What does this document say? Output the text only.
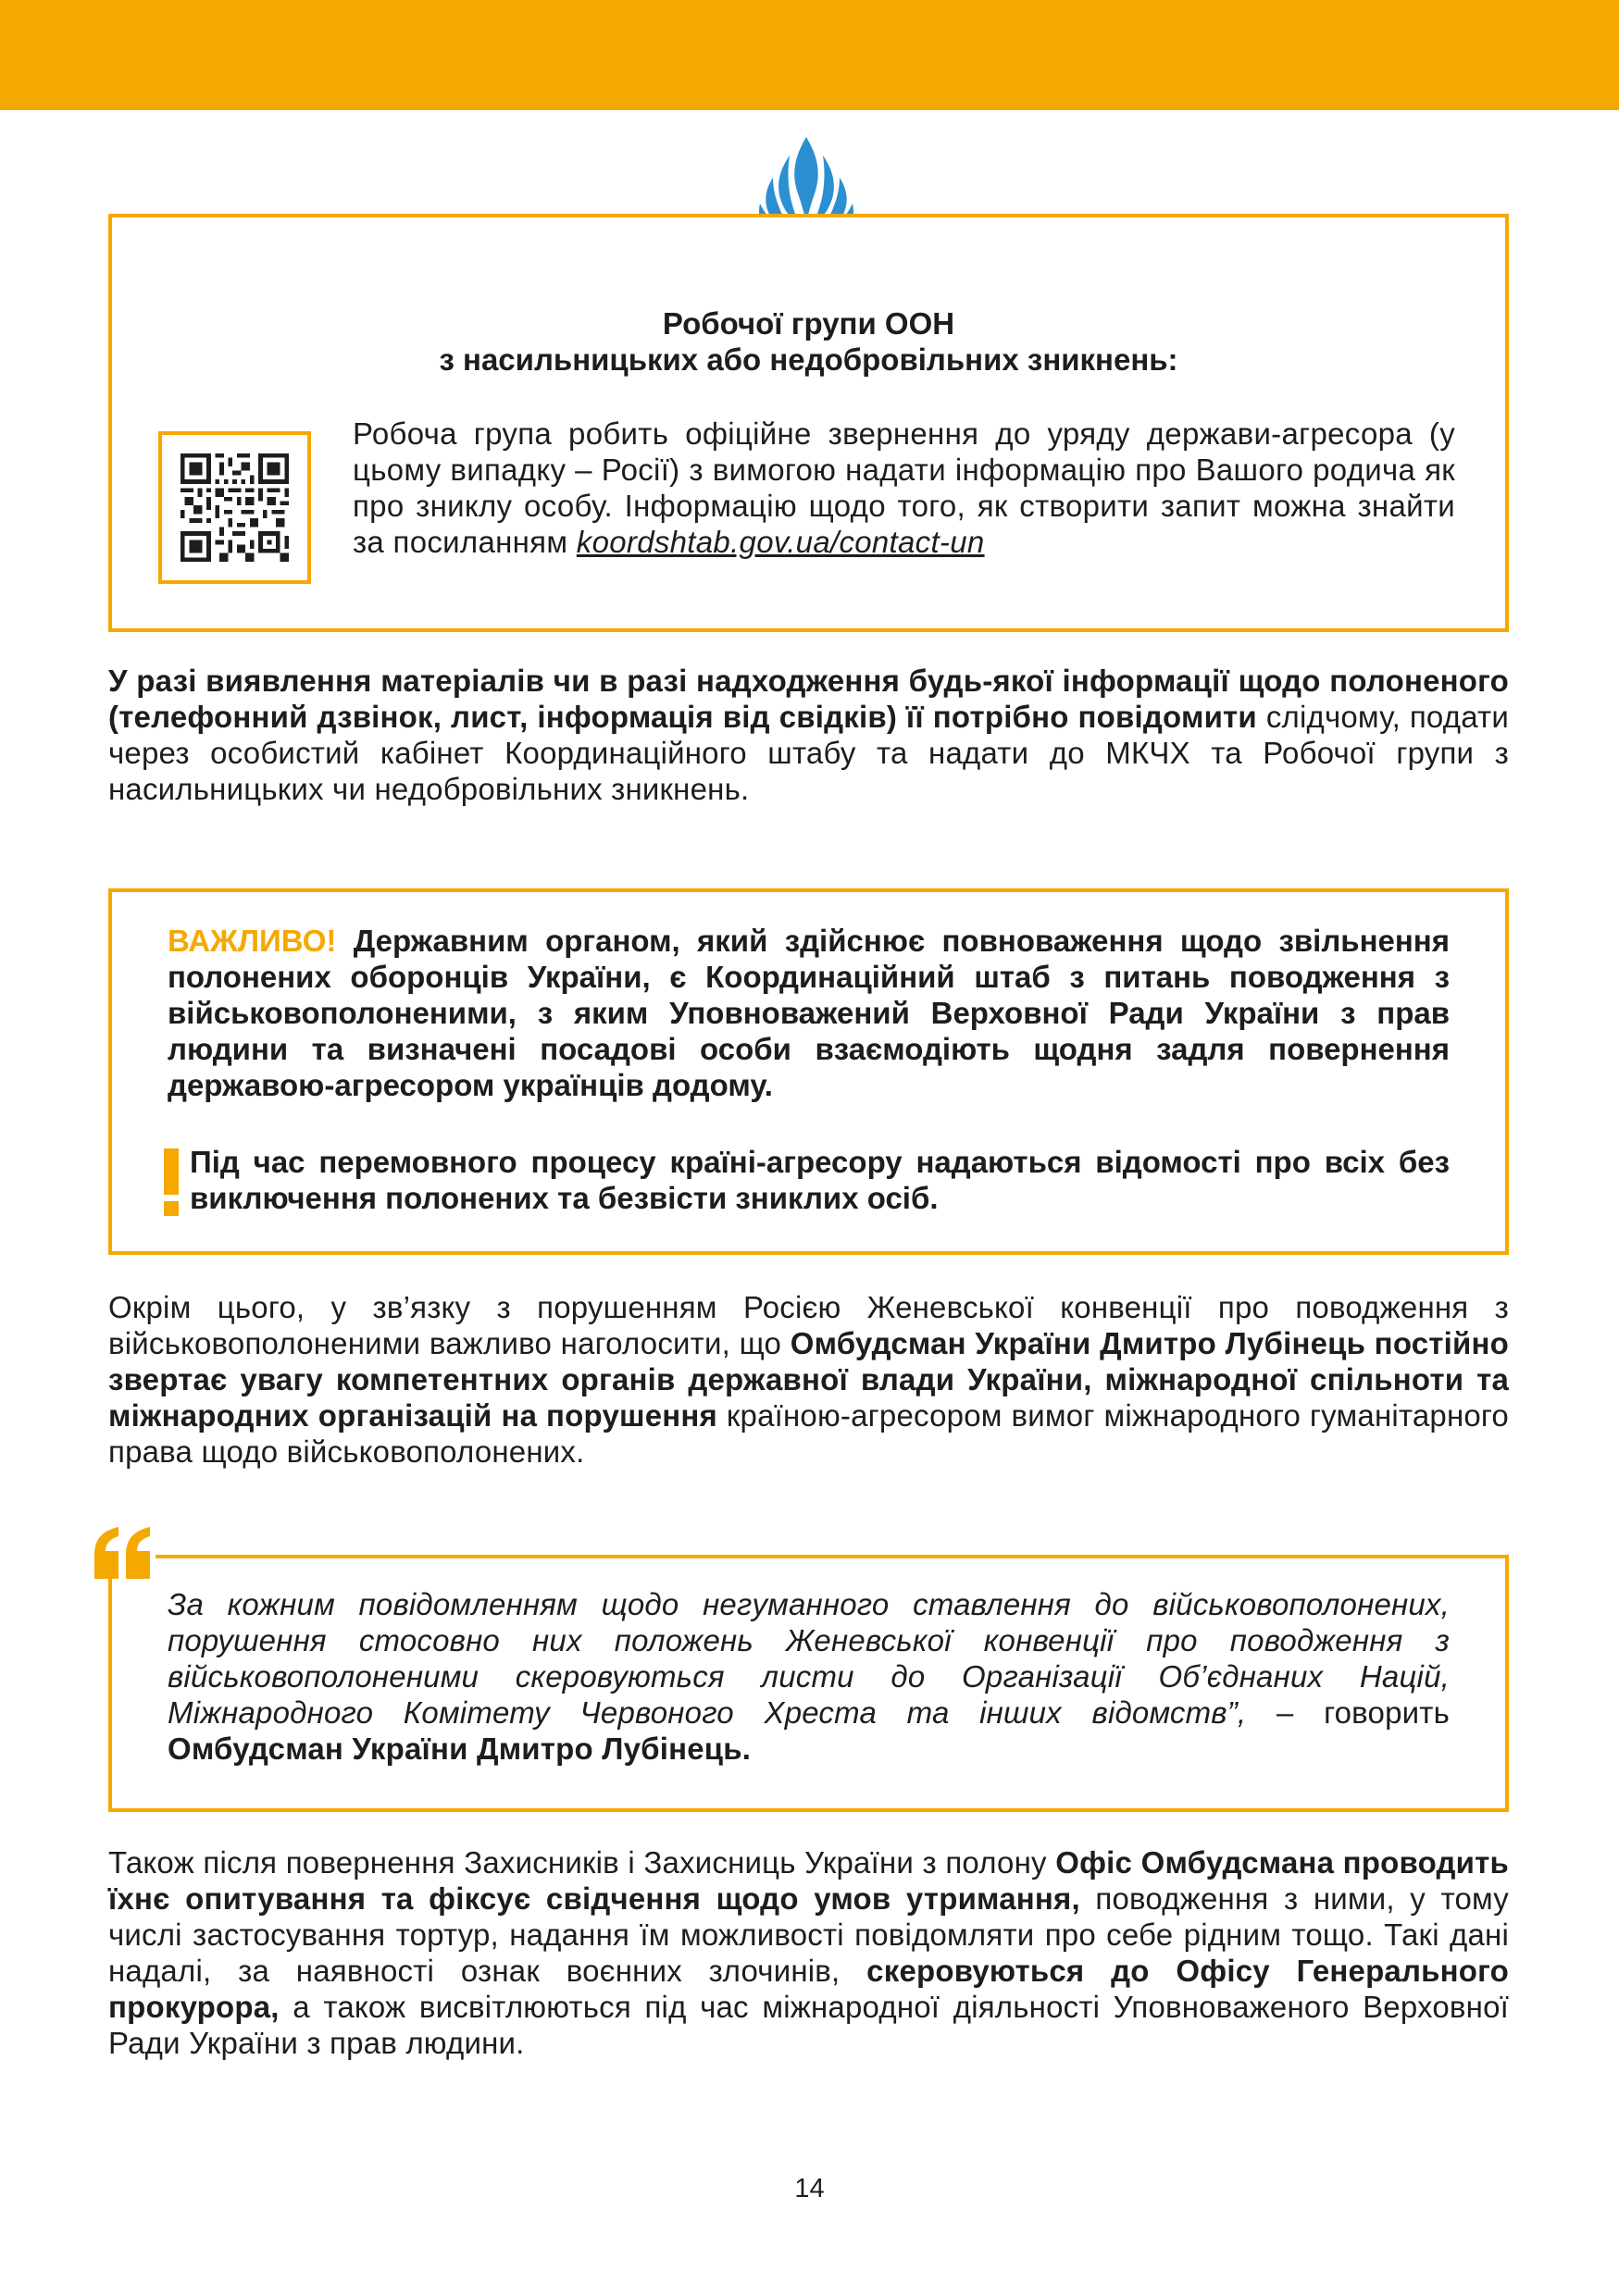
Робочої групи ООН
з насильницьких або недобровільних зникнень:
Робоча група робить офіційне звернення до уряду держави-агресора (у цьому випадку – Росії) з вимогою надати інформацію про Вашого родича як про зниклу особу. Інформацію щодо того, як створити запит можна знайти за посиланням koordshtab.gov.ua/contact-un
У разі виявлення матеріалів чи в разі надходження будь-якої інформації щодо полоненого (телефонний дзвінок, лист, інформація від свідків) її потрібно повідомити слідчому, подати через особистий кабінет Координаційного штабу та надати до МКЧХ та Робочої групи з насильницьких чи недобровільних зникнень.
ВАЖЛИВО! Державним органом, який здійснює повноваження щодо звільнення полонених оборонців України, є Координаційний штаб з питань поводження з військовополоненими, з яким Уповноважений Верховної Ради України з прав людини та визначені посадові особи взаємодіють щодня задля повернення державою-агресором українців додому.
Під час перемовного процесу країні-агресору надаються відомості про всіх без виключення полонених та безвісти зниклих осіб.
Окрім цього, у зв’язку з порушенням Росією Женевської конвенції про поводження з військовополоненими важливо наголосити, що Омбудсман України Дмитро Лубінець постійно звертає увагу компетентних органів державної влади України, міжнародної спільноти та міжнародних організацій на порушення країною-агресором вимог міжнародного гуманітарного права щодо військовополонених.
За кожним повідомленням щодо негуманного ставлення до військовополонених, порушення стосовно них положень Женевської конвенції про поводження з військовополоненими скеровуються листи до Організації Об’єднаних Націй, Міжнародного Комітету Червоного Хреста та інших відомств”, – говорить Омбудсман України Дмитро Лубінець.
Також після повернення Захисників і Захисниць України з полону Офіс Омбудсмана проводить їхнє опитування та фіксує свідчення щодо умов утримання, поводження з ними, у тому числі застосування тортур, надання їм можливості повідомляти про себе рідним тощо. Такі дані надалі, за наявності ознак воєнних злочинів, скеровуються до Офісу Генерального прокурора, а також висвітлюються під час міжнародної діяльності Уповноваженого Верховної Ради України з прав людини.
14
